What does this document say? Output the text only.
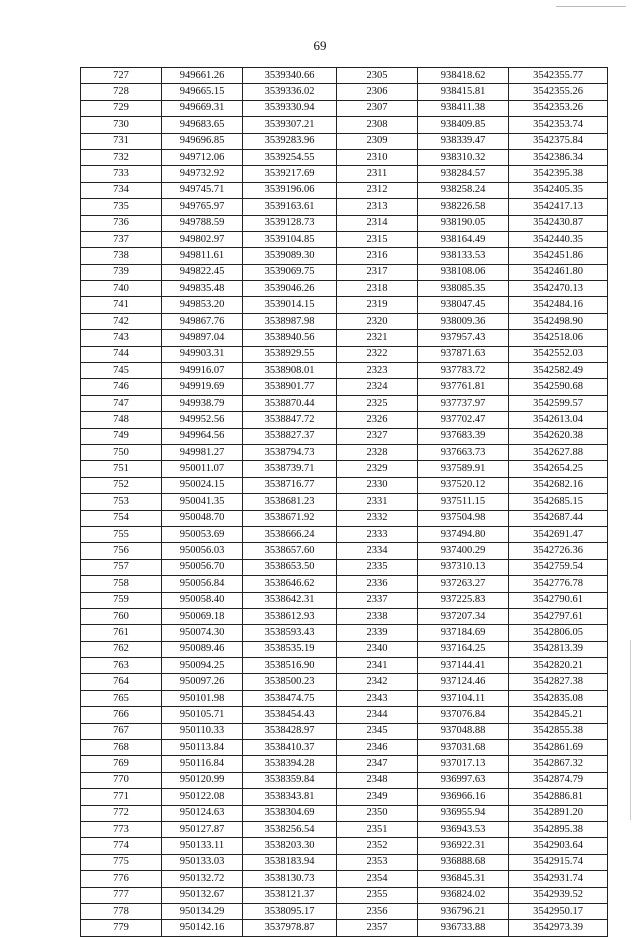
69
727	949661.26	3539340.66	2305	938418.62	3542355.77
728	949665.15	3539336.02	2306	938415.81	3542355.26
729	949669.31	3539330.94	2307	938411.38	3542353.26
730	949683.65	3539307.21	2308	938409.85	3542353.74
731	949696.85	3539283.96	2309	938339.47	3542375.84
732	949712.06	3539254.55	2310	938310.32	3542386.34
733	949732.92	3539217.69	2311	938284.57	3542395.38
734	949745.71	3539196.06	2312	938258.24	3542405.35
735	949765.97	3539163.61	2313	938226.58	3542417.13
736	949788.59	3539128.73	2314	938190.05	3542430.87
737	949802.97	3539104.85	2315	938164.49	3542440.35
738	949811.61	3539089.30	2316	938133.53	3542451.86
739	949822.45	3539069.75	2317	938108.06	3542461.80
740	949835.48	3539046.26	2318	938085.35	3542470.13
741	949853.20	3539014.15	2319	938047.45	3542484.16
742	949867.76	3538987.98	2320	938009.36	3542498.90
743	949897.04	3538940.56	2321	937957.43	3542518.06
744	949903.31	3538929.55	2322	937871.63	3542552.03
745	949916.07	3538908.01	2323	937783.72	3542582.49
746	949919.69	3538901.77	2324	937761.81	3542590.68
747	949938.79	3538870.44	2325	937737.97	3542599.57
748	949952.56	3538847.72	2326	937702.47	3542613.04
749	949964.56	3538827.37	2327	937683.39	3542620.38
750	949981.27	3538794.73	2328	937663.73	3542627.88
751	950011.07	3538739.71	2329	937589.91	3542654.25
752	950024.15	3538716.77	2330	937520.12	3542682.16
753	950041.35	3538681.23	2331	937511.15	3542685.15
754	950048.70	3538671.92	2332	937504.98	3542687.44
755	950053.69	3538666.24	2333	937494.80	3542691.47
756	950056.03	3538657.60	2334	937400.29	3542726.36
757	950056.70	3538653.50	2335	937310.13	3542759.54
758	950056.84	3538646.62	2336	937263.27	3542776.78
759	950058.40	3538642.31	2337	937225.83	3542790.61
760	950069.18	3538612.93	2338	937207.34	3542797.61
761	950074.30	3538593.43	2339	937184.69	3542806.05
762	950089.46	3538535.19	2340	937164.25	3542813.39
763	950094.25	3538516.90	2341	937144.41	3542820.21
764	950097.26	3538500.23	2342	937124.46	3542827.38
765	950101.98	3538474.75	2343	937104.11	3542835.08
766	950105.71	3538454.43	2344	937076.84	3542845.21
767	950110.33	3538428.97	2345	937048.88	3542855.38
768	950113.84	3538410.37	2346	937031.68	3542861.69
769	950116.84	3538394.28	2347	937017.13	3542867.32
770	950120.99	3538359.84	2348	936997.63	3542874.79
771	950122.08	3538343.81	2349	936966.16	3542886.81
772	950124.63	3538304.69	2350	936955.94	3542891.20
773	950127.87	3538256.54	2351	936943.53	3542895.38
774	950133.11	3538203.30	2352	936922.31	3542903.64
775	950133.03	3538183.94	2353	936888.68	3542915.74
776	950132.72	3538130.73	2354	936845.31	3542931.74
777	950132.67	3538121.37	2355	936824.02	3542939.52
778	950134.29	3538095.17	2356	936796.21	3542950.17
779	950142.16	3537978.87	2357	936733.88	3542973.39
